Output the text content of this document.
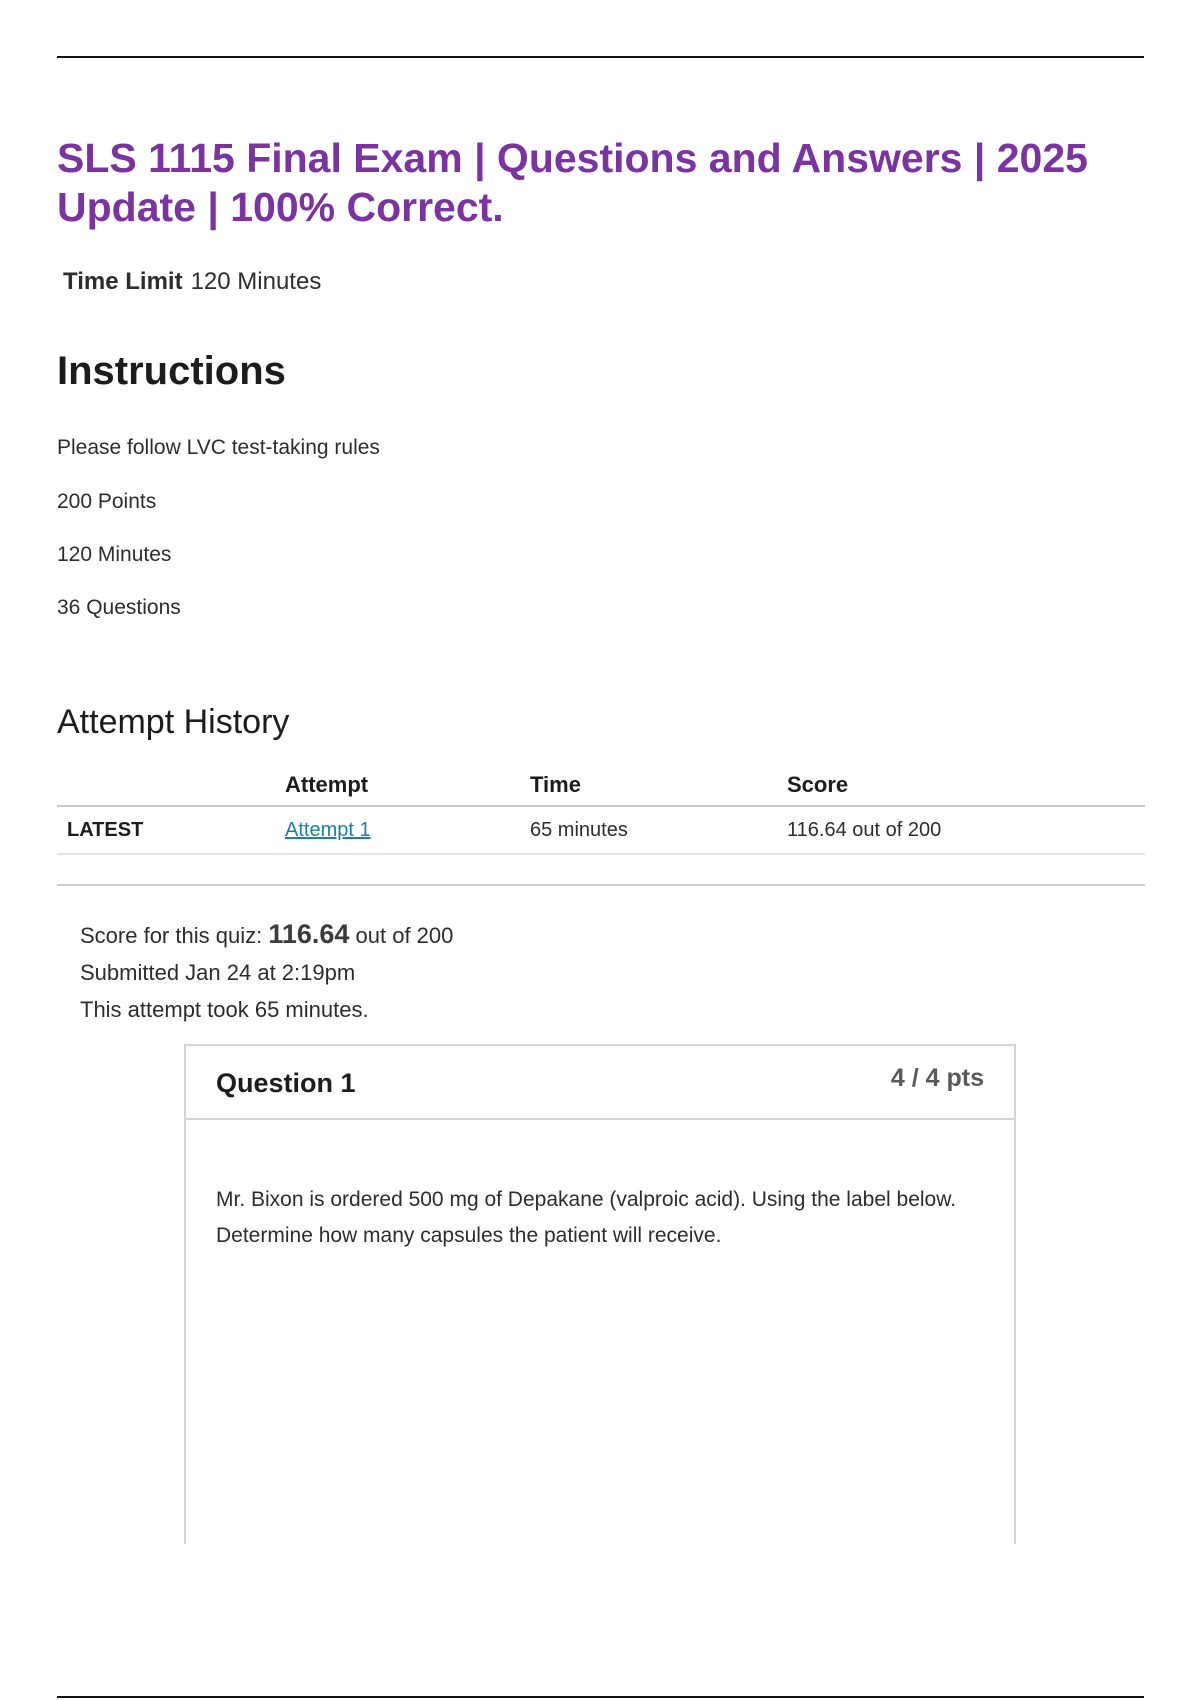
SLS 1115 Final Exam | Questions and Answers | 2025 Update | 100% Correct.
Time Limit 120 Minutes
Instructions
Please follow LVC test-taking rules
200 Points
120 Minutes
36 Questions
Attempt History
	Attempt	Time	Score
LATEST	Attempt 1	65 minutes	116.64 out of 200
Score for this quiz: 116.64 out of 200
Submitted Jan 24 at 2:19pm
This attempt took 65 minutes.
Question 1	4 / 4 pts

Mr. Bixon is ordered 500 mg of Depakane (valproic acid). Using the label below. Determine how many capsules the patient will receive.
